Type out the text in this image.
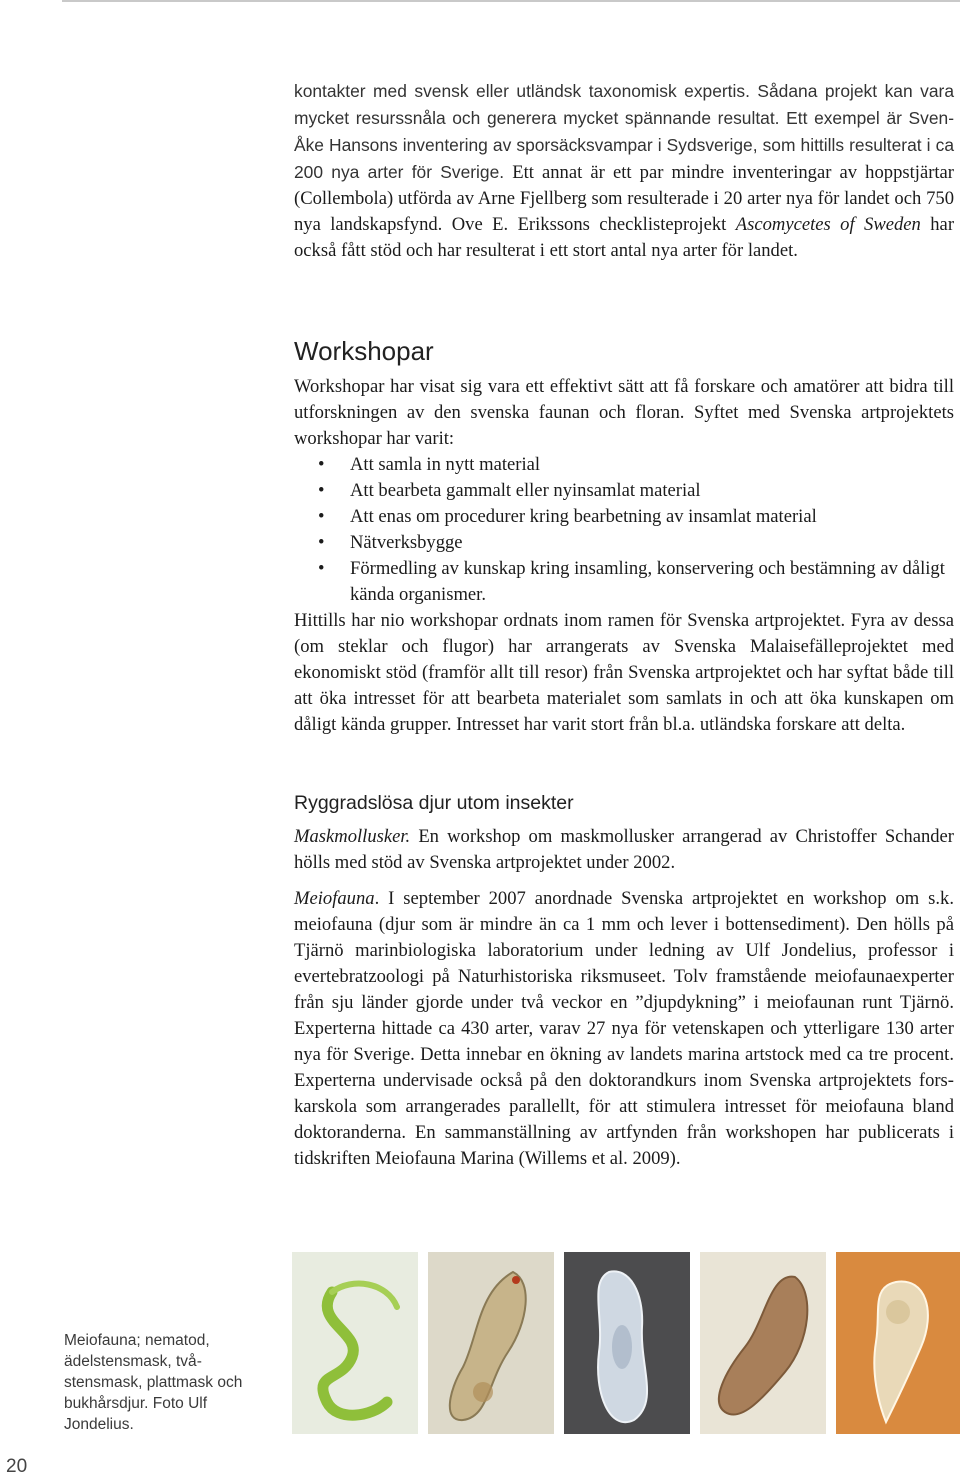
kontakter med svensk eller utländsk taxonomisk expertis. Sådana projekt kan vara mycket resurssnåla och generera mycket spännande resultat. Ett exempel är Sven-Åke Hansons inventering av sporsäcksvampar i Sydsverige, som hittills resulterat i ca 200 nya arter för Sverige. Ett annat är ett par mindre inventeringar av hoppstjärtar (Collembola) utförda av Arne Fjellberg som resulterade i 20 arter nya för landet och 750 nya landskapsfynd. Ove E. Erikssons checklisteprojekt Ascomycetes of Sweden har också fått stöd och har resulterat i ett stort antal nya arter för landet.

Workshopar

Workshopar har visat sig vara ett effektivt sätt att få forskare och amatörer att bidra till utforskningen av den svenska faunan och floran. Syftet med Svenska artprojektets workshopar har varit:

• Att samla in nytt material
• Att bearbeta gammalt eller nyinsamlat material
• Att enas om procedurer kring bearbetning av insamlat material
• Nätverksbygge
• Förmedling av kunskap kring insamling, konservering och bestämning av dåligt kända organismer.

Hittills har nio workshopar ordnats inom ramen för Svenska artprojektet. Fyra av dessa (om steklar och flugor) har arrangerats av Svenska Malaisefälleprojektet med ekonomiskt stöd (framför allt till resor) från Svenska artprojektet och har syftat både till att öka intresset för att bearbeta materialet som samlats in och att öka kunskapen om dåligt kända grupper. Intresset har varit stort från bl.a. utländska forskare att delta.

Ryggradslösa djur utom insekter

Maskmollusker. En workshop om maskmollusker arrangerad av Christoffer Schander hölls med stöd av Svenska artprojektet under 2002.

Meiofauna. I september 2007 anordnade Svenska artprojektet en workshop om s.k. meiofauna (djur som är mindre än ca 1 mm och lever i bottensediment). Den hölls på Tjärnö marinbiologiska laboratorium under ledning av Ulf Jondelius, professor i evertebratzoologi på Naturhistoriska riksmuseet. Tolv framstående meiofaunaexperter från sju länder gjorde under två veckor en ”djupdykning” i meiofaunan runt Tjärnö. Experterna hittade ca 430 arter, varav 27 nya för vetenskapen och ytterligare 130 arter nya för Sverige. Detta innebar en ökning av landets marina artstock med ca tre procent. Experterna undervisade också på den doktorandkurs inom Svenska artprojektets forskarskola som arrangerades parallellt, för att stimulera intresset för meiofauna bland doktoranderna. En sammanställning av artfynden från workshopen har publicerats i tidskriften Meiofauna Marina (Willems et al. 2009).

Meiofauna; nematod, ädelstensmask, tvåstensmask, plattmask och bukhårsdjur. Foto Ulf Jondelius.

20
